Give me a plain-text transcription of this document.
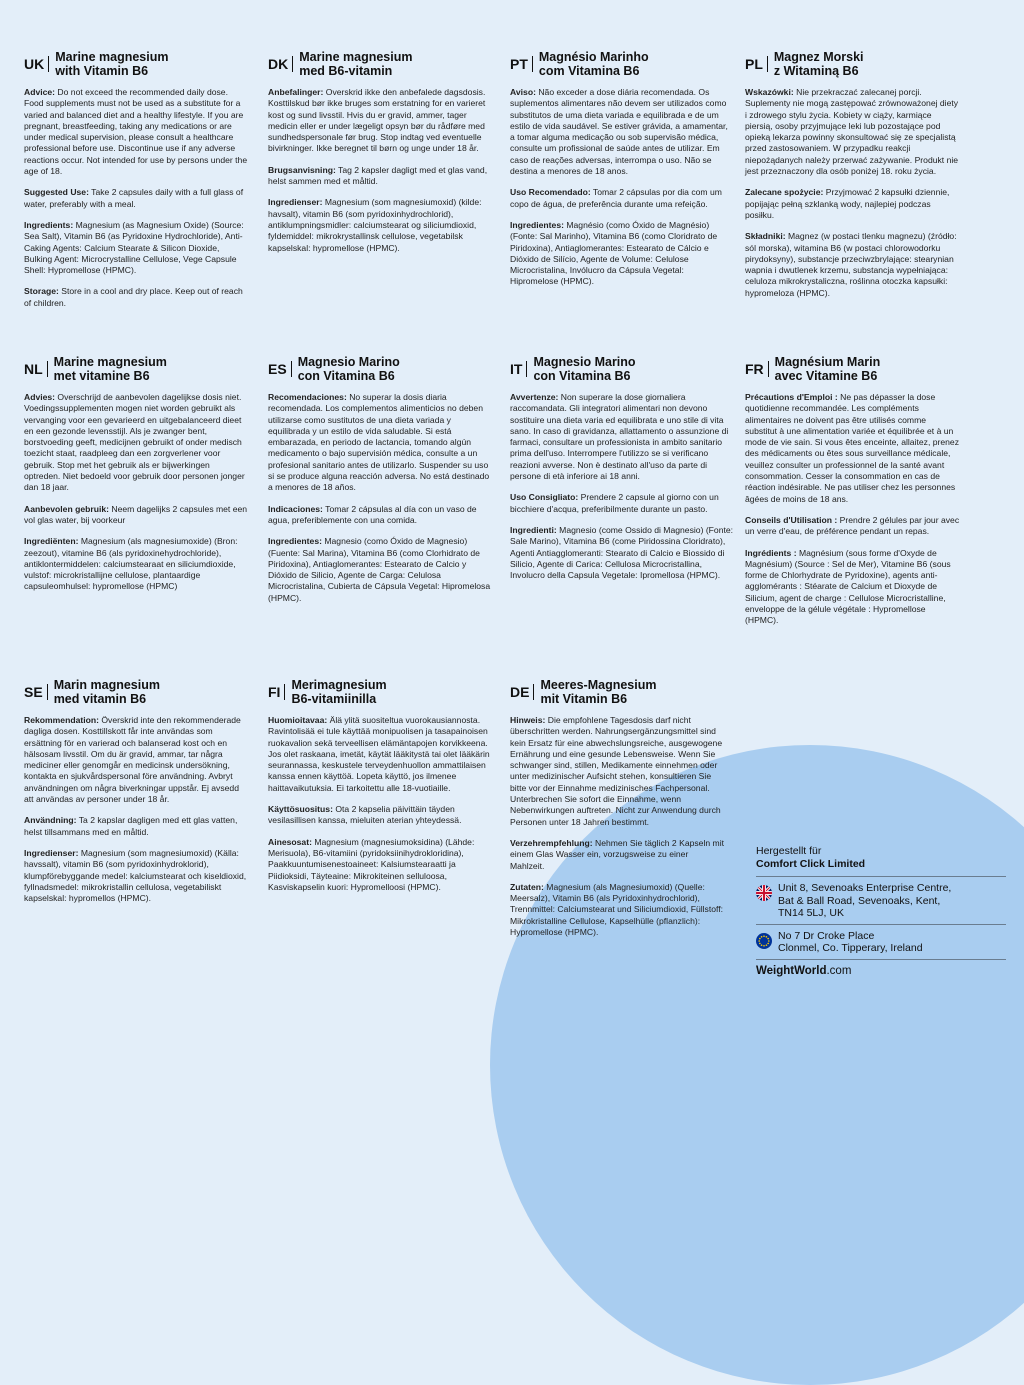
UK Marine magnesium
with Vitamin B6

Advice: Do not exceed the recommended daily dose. Food supplements must not be used as a substitute for a varied and balanced diet and a healthy lifestyle. If you are pregnant, breastfeeding, taking any medications or are under medical supervision, please consult a healthcare professional before use. Discontinue use if any adverse reactions occur. Not intended for use by persons under the age of 18.

Suggested Use: Take 2 capsules daily with a full glass of water, preferably with a meal.

Ingredients: Magnesium (as Magnesium Oxide) (Source: Sea Salt), Vitamin B6 (as Pyridoxine Hydrochloride), Anti-Caking Agents: Calcium Stearate & Silicon Dioxide, Bulking Agent: Microcrystalline Cellulose, Vege Capsule Shell: Hypromellose (HPMC).

Storage: Store in a cool and dry place. Keep out of reach of children.

DK Marine magnesium
med B6-vitamin

Anbefalinger: Overskrid ikke den anbefalede dagsdosis. Kosttilskud bør ikke bruges som erstatning for en varieret kost og sund livsstil. Hvis du er gravid, ammer, tager medicin eller er under lægeligt opsyn bør du rådføre med sundhedspersonale før brug. Stop indtag ved eventuelle bivirkninger. Ikke beregnet til børn og unge under 18 år.

Brugsanvisning: Tag 2 kapsler dagligt med et glas vand, helst sammen med et måltid.

Ingredienser: Magnesium (som magnesiumoxid) (kilde: havsalt), vitamin B6 (som pyridoxinhydrochlorid), antiklumpningsmidler: calciumstearat og siliciumdioxid, fyldemiddel: mikrokrystallinsk cellulose, vegetabilsk kapselskal: hypromellose (HPMC).

PT Magnésio Marinho
com Vitamina B6

Aviso: Não exceder a dose diária recomendada. Os suplementos alimentares não devem ser utilizados como substitutos de uma dieta variada e equilibrada e de um estilo de vida saudável. Se estiver grávida, a amamentar, a tomar alguma medicação ou sob supervisão médica, consulte um profissional de saúde antes de utilizar. Em caso de reações adversas, interrompa o uso. Não se destina a menores de 18 anos.

Uso Recomendado: Tomar 2 cápsulas por dia com um copo de água, de preferência durante uma refeição.

Ingredientes: Magnésio (como Óxido de Magnésio) (Fonte: Sal Marinho), Vitamina B6 (como Cloridrato de Piridoxina), Antiaglomerantes: Estearato de Cálcio e Dióxido de Silício, Agente de Volume: Celulose Microcristalina, Invólucro da Cápsula Vegetal: Hipromelose (HPMC).

PL Magnez Morski
z Witaminą B6

Wskazówki: Nie przekraczać zalecanej porcji. Suplementy nie mogą zastępować zrównoważonej diety i zdrowego stylu życia. Kobiety w ciąży, karmiące piersią, osoby przyjmujące leki lub pozostające pod opieką lekarza powinny skonsultować się ze specjalistą przed zastosowaniem. W przypadku reakcji niepożądanych należy przerwać zażywanie. Produkt nie jest przeznaczony dla osób poniżej 18. roku życia.

Zalecane spożycie: Przyjmować 2 kapsułki dziennie, popijając pełną szklanką wody, najlepiej podczas posiłku.

Składniki: Magnez (w postaci tlenku magnezu) (źródło: sól morska), witamina B6 (w postaci chlorowodorku pirydoksyny), substancje przeciwzbrylające: stearynian wapnia i dwutlenek krzemu, substancja wypełniająca: celuloza mikrokrystaliczna, roślinna otoczka kapsułki: hypromeloza (HPMC).

NL Marine magnesium
met vitamine B6

Advies: Overschrijd de aanbevolen dagelijkse dosis niet. Voedingssupplementen mogen niet worden gebruikt als vervanging voor een gevarieerd en uitgebalanceerd dieet en een gezonde levensstijl. Als je zwanger bent, borstvoeding geeft, medicijnen gebruikt of onder medisch toezicht staat, raadpleeg dan een zorgverlener voor gebruik. Stop met het gebruik als er bijwerkingen optreden. Niet bedoeld voor gebruik door personen jonger dan 18 jaar.

Aanbevolen gebruik: Neem dagelijks 2 capsules met een vol glas water, bij voorkeur

Ingrediënten: Magnesium (als magnesiumoxide) (Bron: zeezout), vitamine B6 (als pyridoxinehydrochloride), antiklontermiddelen: calciumstearaat en siliciumdioxide, vulstof: microkristallijne cellulose, plantaardige capsuleomhulsel: hypromellose (HPMC)

ES Magnesio Marino
con Vitamina B6

Recomendaciones: No superar la dosis diaria recomendada. Los complementos alimenticios no deben utilizarse como sustitutos de una dieta variada y equilibrada y un estilo de vida saludable. Si está embarazada, en periodo de lactancia, tomando algún medicamento o bajo supervisión médica, consulte a un profesional sanitario antes de utilizarlo. Suspender su uso si se produce alguna reacción adversa. No está destinado a menores de 18 años.

Indicaciones: Tomar 2 cápsulas al día con un vaso de agua, preferiblemente con una comida.

Ingredientes: Magnesio (como Óxido de Magnesio) (Fuente: Sal Marina), Vitamina B6 (como Clorhidrato de Piridoxina), Antiaglomerantes: Estearato de Calcio y Dióxido de Silicio, Agente de Carga: Celulosa Microcristalina, Cubierta de Cápsula Vegetal: Hipromelosa (HPMC).

IT Magnesio Marino
con Vitamina B6

Avvertenze: Non superare la dose giornaliera raccomandata. Gli integratori alimentari non devono sostituire una dieta varia ed equilibrata e uno stile di vita sano. In caso di gravidanza, allattamento o assunzione di farmaci, consultare un professionista in ambito sanitario prima dell'uso. Interrompere l'utilizzo se si verificano reazioni avverse. Non è destinato all'uso da parte di persone di età inferiore ai 18 anni.

Uso Consigliato: Prendere 2 capsule al giorno con un bicchiere d'acqua, preferibilmente durante un pasto.

Ingredienti: Magnesio (come Ossido di Magnesio) (Fonte: Sale Marino), Vitamina B6 (come Piridossina Cloridrato), Agenti Antiagglomeranti: Stearato di Calcio e Biossido di Silicio, Agente di Carica: Cellulosa Microcristallina, Involucro della Capsula Vegetale: Ipromellosa (HPMC).

FR Magnésium Marin
avec Vitamine B6

Précautions d'Emploi : Ne pas dépasser la dose quotidienne recommandée. Les compléments alimentaires ne doivent pas être utilisés comme substitut à une alimentation variée et équilibrée et à un mode de vie sain. Si vous êtes enceinte, allaitez, prenez des médicaments ou êtes sous surveillance médicale, veuillez consulter un professionnel de la santé avant consommation. Cesser la consommation en cas de réaction indésirable. Ne pas utiliser chez les personnes âgées de moins de 18 ans.

Conseils d'Utilisation : Prendre 2 gélules par jour avec un verre d'eau, de préférence pendant un repas.

Ingrédients : Magnésium (sous forme d'Oxyde de Magnésium) (Source : Sel de Mer), Vitamine B6 (sous forme de Chlorhydrate de Pyridoxine), agents anti-agglomérants : Stéarate de Calcium et Dioxyde de Silicium, agent de charge : Cellulose Microcristalline, enveloppe de la gélule végétale : Hypromellose (HPMC).

SE Marin magnesium
med vitamin B6

Rekommendation: Överskrid inte den rekommenderade dagliga dosen. Kosttillskott får inte användas som ersättning för en varierad och balanserad kost och en hälsosam livsstil. Om du är gravid, ammar, tar några mediciner eller genomgår en medicinsk undersökning, kontakta en sjukvårdspersonal före användning. Avbryt användningen om några biverkningar uppstår. Ej avsedd att användas av personer under 18 år.

Användning: Ta 2 kapslar dagligen med ett glas vatten, helst tillsammans med en måltid.

Ingredienser: Magnesium (som magnesiumoxid) (Källa: havssalt), vitamin B6 (som pyridoxinhydroklorid), klumpförebyggande medel: kalciumstearat och kiseldioxid, fyllnadsmedel: mikrokristallin cellulosa, vegetabiliskt kapselskal: hypromellos (HPMC).

FI Merimagnesium
B6-vitamiinilla

Huomioitavaa: Älä ylitä suositeltua vuorokausiannosta. Ravintolisää ei tule käyttää monipuolisen ja tasapainoisen ruokavalion sekä terveellisen elämäntapojen korvikkeena. Jos olet raskaana, imetät, käytät lääkitystä tai olet lääkärin seurannassa, keskustele terveydenhuollon ammattilaisen kanssa ennen käyttöä. Lopeta käyttö, jos ilmenee haittavaikutuksia. Ei tarkoitettu alle 18-vuotiaille.

Käyttösuositus: Ota 2 kapselia päivittäin täyden vesilasillisen kanssa, mieluiten aterian yhteydessä.

Ainesosat: Magnesium (magnesiumoksidina) (Lähde: Merisuola), B6-vitamiini (pyridoksiinihydrokloridina), Paakkuuntumisenestoaineet: Kalsiumstearaatti ja Piidioksidi, Täyteaine: Mikrokiteinen selluloosa, Kasviskapselin kuori: Hypromelloosi (HPMC).

DE Meeres-Magnesium
mit Vitamin B6

Hinweis: Die empfohlene Tagesdosis darf nicht überschritten werden. Nahrungsergänzungsmittel sind kein Ersatz für eine abwechslungsreiche, ausgewogene Ernährung und eine gesunde Lebensweise. Wenn Sie schwanger sind, stillen, Medikamente einnehmen oder unter medizinischer Aufsicht stehen, konsultieren Sie bitte vor der Einnahme medizinisches Fachpersonal. Unterbrechen Sie sofort die Einnahme, wenn Nebenwirkungen auftreten. Nicht zur Anwendung durch Personen unter 18 Jahren bestimmt.

Verzehrempfehlung: Nehmen Sie täglich 2 Kapseln mit einem Glas Wasser ein, vorzugsweise zu einer Mahlzeit.

Zutaten: Magnesium (als Magnesiumoxid) (Quelle: Meersalz), Vitamin B6 (als Pyridoxinhydrochlorid), Trennmittel: Calciumstearat und Siliciumdioxid, Füllstoff: Mikrokristalline Cellulose, Kapselhülle (pflanzlich): Hypromellose (HPMC).

Hergestellt für
Comfort Click Limited
Unit 8, Sevenoaks Enterprise Centre,
Bat & Ball Road, Sevenoaks, Kent,
TN14 5LJ, UK
No 7 Dr Croke Place
Clonmel, Co. Tipperary, Ireland
WeightWorld.com
